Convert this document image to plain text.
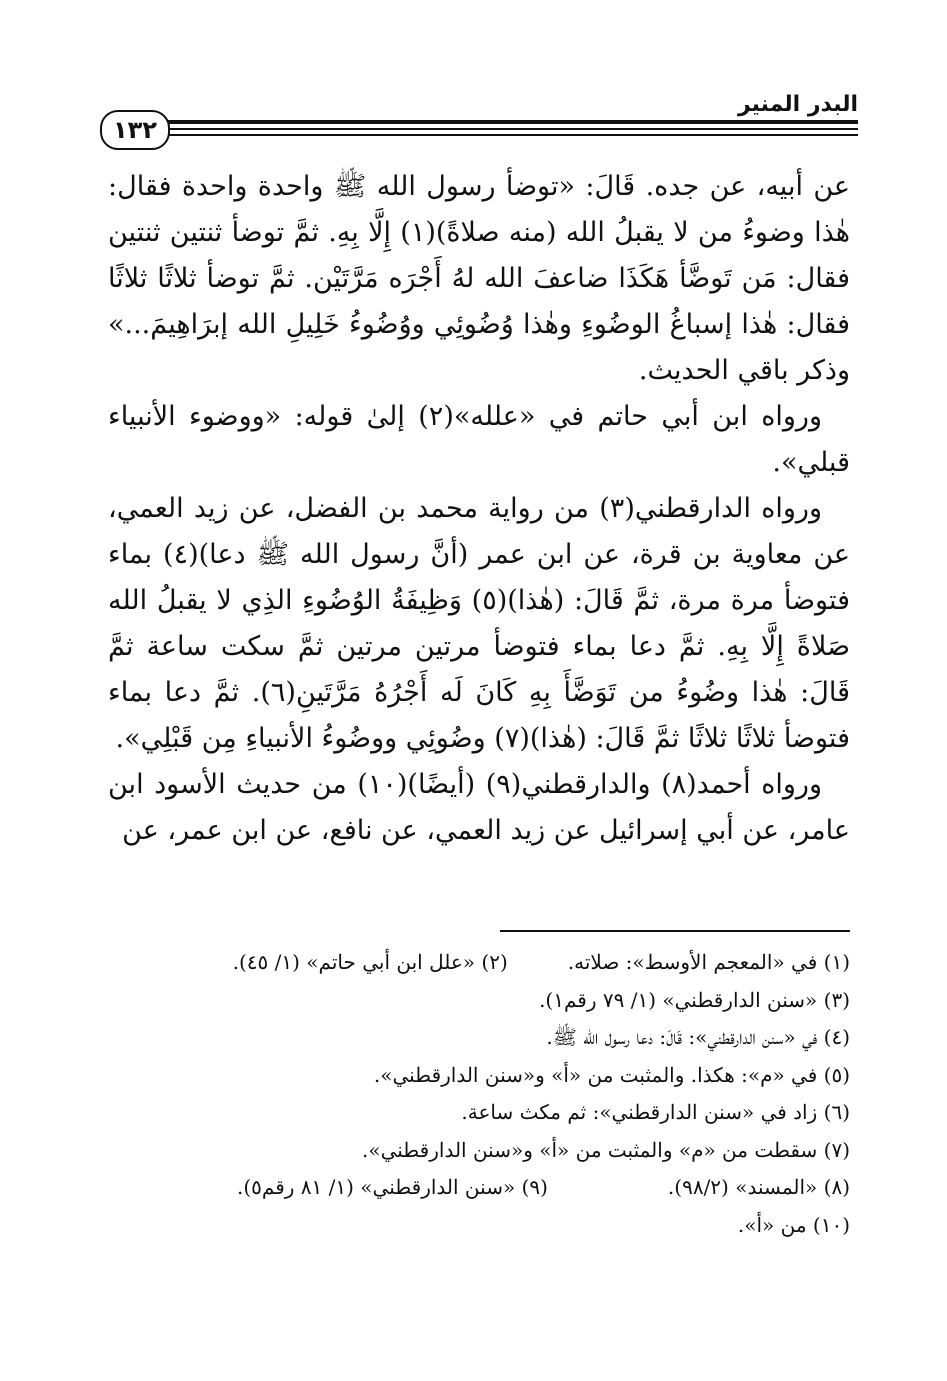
البدر المنير
١٣٢

عن أبيه، عن جده. قَالَ: «توضأ رسول الله ﷺ واحدة واحدة فقال: هٰذا وضوءُ من لا يقبلُ الله (منه صلاةً)(١) إِلَّا بِهِ. ثمَّ توضأ ثنتين ثنتين فقال: مَن تَوضَّأ هَكَذَا ضاعفَ الله لهُ أَجْرَه مَرَّتَيْن. ثمَّ توضأ ثلاثًا ثلاثًا فقال: هٰذا إسباغُ الوضُوءِ وهٰذا وُضُوئِي ووُضُوءُ خَلِيلِ الله إبرَاهِيمَ...» وذكر باقي الحديث.

ورواه ابن أبي حاتم في «علله»(٢) إلىٰ قوله: «ووضوء الأنبياء قبلي».

ورواه الدارقطني(٣) من رواية محمد بن الفضل، عن زيد العمي، عن معاوية بن قرة، عن ابن عمر (أنَّ رسول الله ﷺ دعا)(٤) بماء فتوضأ مرة مرة، ثمَّ قَالَ: (هٰذا)(٥) وَظِيفَةُ الوُضُوءِ الذِي لا يقبلُ الله صَلاةً إِلَّا بِهِ. ثمَّ دعا بماء فتوضأ مرتين مرتين ثمَّ سكت ساعة ثمَّ قَالَ: هٰذا وضُوءُ من تَوَضَّأَ بِهِ كَانَ لَه أَجْرُهُ مَرَّتَينِ(٦). ثمَّ دعا بماء فتوضأ ثلاثًا ثلاثًا ثمَّ قَالَ: (هٰذا)(٧) وضُوئِي ووضُوءُ الأنبياءِ مِن قَبْلِي».

ورواه أحمد(٨) والدارقطني(٩) (أيضًا)(١٠) من حديث الأسود ابن عامر، عن أبي إسرائيل عن زيد العمي، عن نافع، عن ابن عمر، عن

(١) في «المعجم الأوسط»: صلاته.
(٢) «علل ابن أبي حاتم» (١/ ٤٥).
(٣) «سنن الدارقطني» (١/ ٧٩ رقم١).
(٤) في «سنن الدارقطني»: قَالَ: دعا رسول الله ﷺ.
(٥) في «م»: هكذا. والمثبت من «أ» و«سنن الدارقطني».
(٦) زاد في «سنن الدارقطني»: ثم مكث ساعة.
(٧) سقطت من «م» والمثبت من «أ» و«سنن الدارقطني».
(٨) «المسند» (٩٨/٢).
(٩) «سنن الدارقطني» (١/ ٨١ رقم٥).
(١٠) من «أ».
